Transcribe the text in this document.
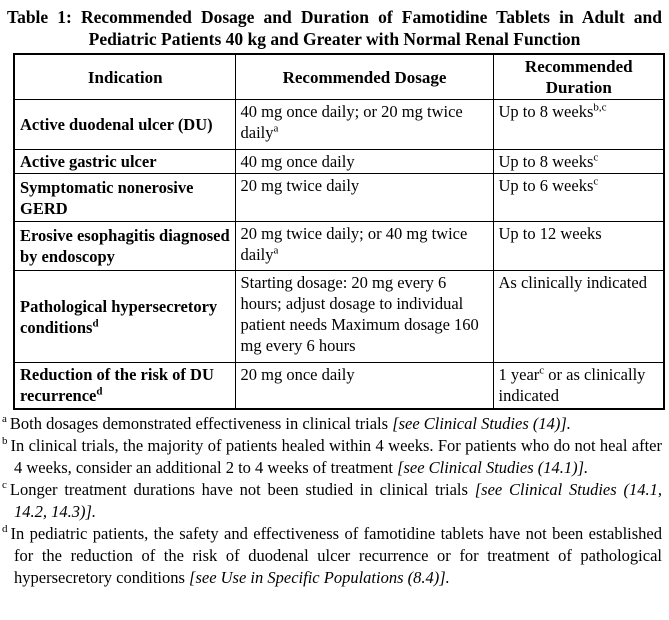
Table 1: Recommended Dosage and Duration of Famotidine Tablets in Adult and
Pediatric Patients 40 kg and Greater with Normal Renal Function
Indication	Recommended Dosage	Recommended Duration
Active duodenal ulcer (DU)	40 mg once daily; or 20 mg twice daily$^a$	Up to 8 weeks$^{b,c}$
Active gastric ulcer	40 mg once daily	Up to 8 weeks$^c$
Symptomatic nonerosive GERD	20 mg twice daily	Up to 6 weeks$^c$
Erosive esophagitis diagnosed by endoscopy	20 mg twice daily; or 40 mg twice daily$^a$	Up to 12 weeks
Pathological hypersecretory conditions$^d$	Starting dosage: 20 mg every 6 hours; adjust dosage to individual patient needs Maximum dosage 160 mg every 6 hours	As clinically indicated
Reduction of the risk of DU recurrence$^d$	20 mg once daily	1 year$^c$ or as clinically indicated
$^a$ Both dosages demonstrated effectiveness in clinical trials [see Clinical Studies (14)].
$^b$ In clinical trials, the majority of patients healed within 4 weeks. For patients who do not heal after 4 weeks, consider an additional 2 to 4 weeks of treatment [see Clinical Studies (14.1)].
$^c$ Longer treatment durations have not been studied in clinical trials [see Clinical Studies (14.1, 14.2, 14.3)].
$^d$ In pediatric patients, the safety and effectiveness of famotidine tablets have not been established for the reduction of the risk of duodenal ulcer recurrence or for treatment of pathological hypersecretory conditions [see Use in Specific Populations (8.4)].
